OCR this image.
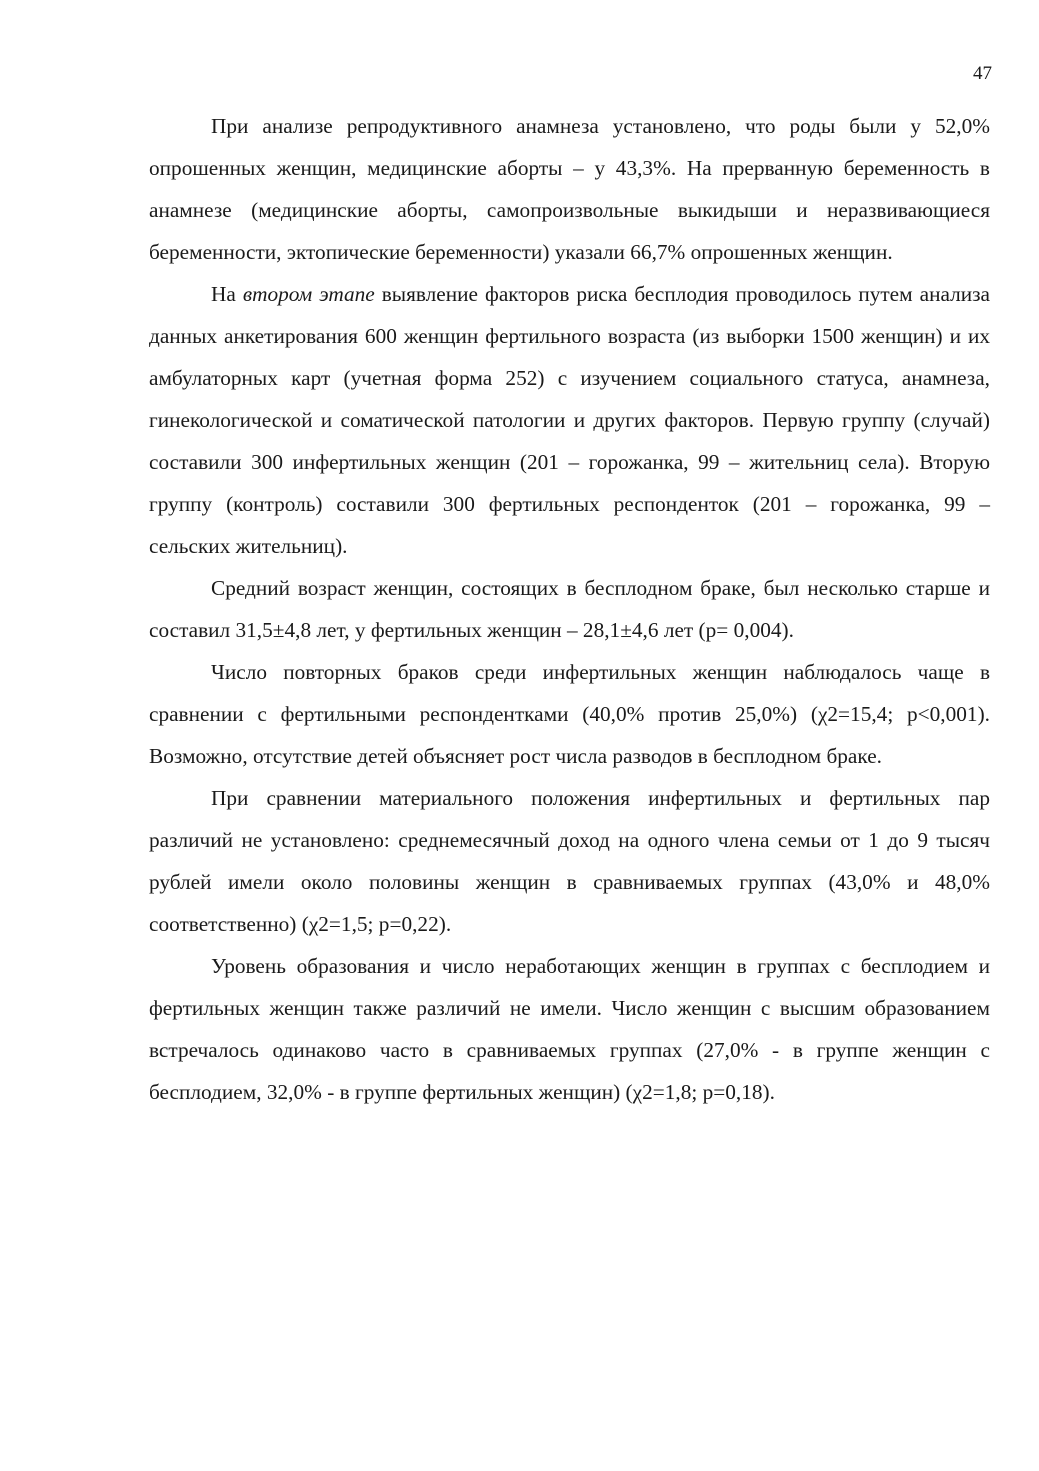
47

При анализе репродуктивного анамнеза установлено, что роды были у 52,0% опрошенных женщин, медицинские аборты – у 43,3%. На прерванную беременность в анамнезе (медицинские аборты, самопроизвольные выкидыши и неразвивающиеся беременности, эктопические беременности) указали 66,7% опрошенных женщин.

На втором этапе выявление факторов риска бесплодия проводилось путем анализа данных анкетирования 600 женщин фертильного возраста (из выборки 1500 женщин) и их амбулаторных карт (учетная форма 252) с изучением социального статуса, анамнеза, гинекологической и соматической патологии и других факторов. Первую группу (случай) составили 300 инфертильных женщин (201 – горожанка, 99 – жительниц села). Вторую группу (контроль) составили 300 фертильных респонденток (201 – горожанка, 99 – сельских жительниц).

Средний возраст женщин, состоящих в бесплодном браке, был несколько старше и составил 31,5±4,8 лет, у фертильных женщин – 28,1±4,6 лет (р= 0,004).

Число повторных браков среди инфертильных женщин наблюдалось чаще в сравнении с фертильными респондентками (40,0% против 25,0%) (χ2=15,4; p<0,001). Возможно, отсутствие детей объясняет рост числа разводов в бесплодном браке.

При сравнении материального положения инфертильных и фертильных пар различий не установлено: среднемесячный доход на одного члена семьи от 1 до 9 тысяч рублей имели около половины женщин в сравниваемых группах (43,0% и 48,0% соответственно) (χ2=1,5; p=0,22).

Уровень образования и число неработающих женщин в группах с бесплодием и фертильных женщин также различий не имели. Число женщин с высшим образованием встречалось одинаково часто в сравниваемых группах (27,0% - в группе женщин с бесплодием, 32,0% - в группе фертильных женщин) (χ2=1,8; p=0,18).
